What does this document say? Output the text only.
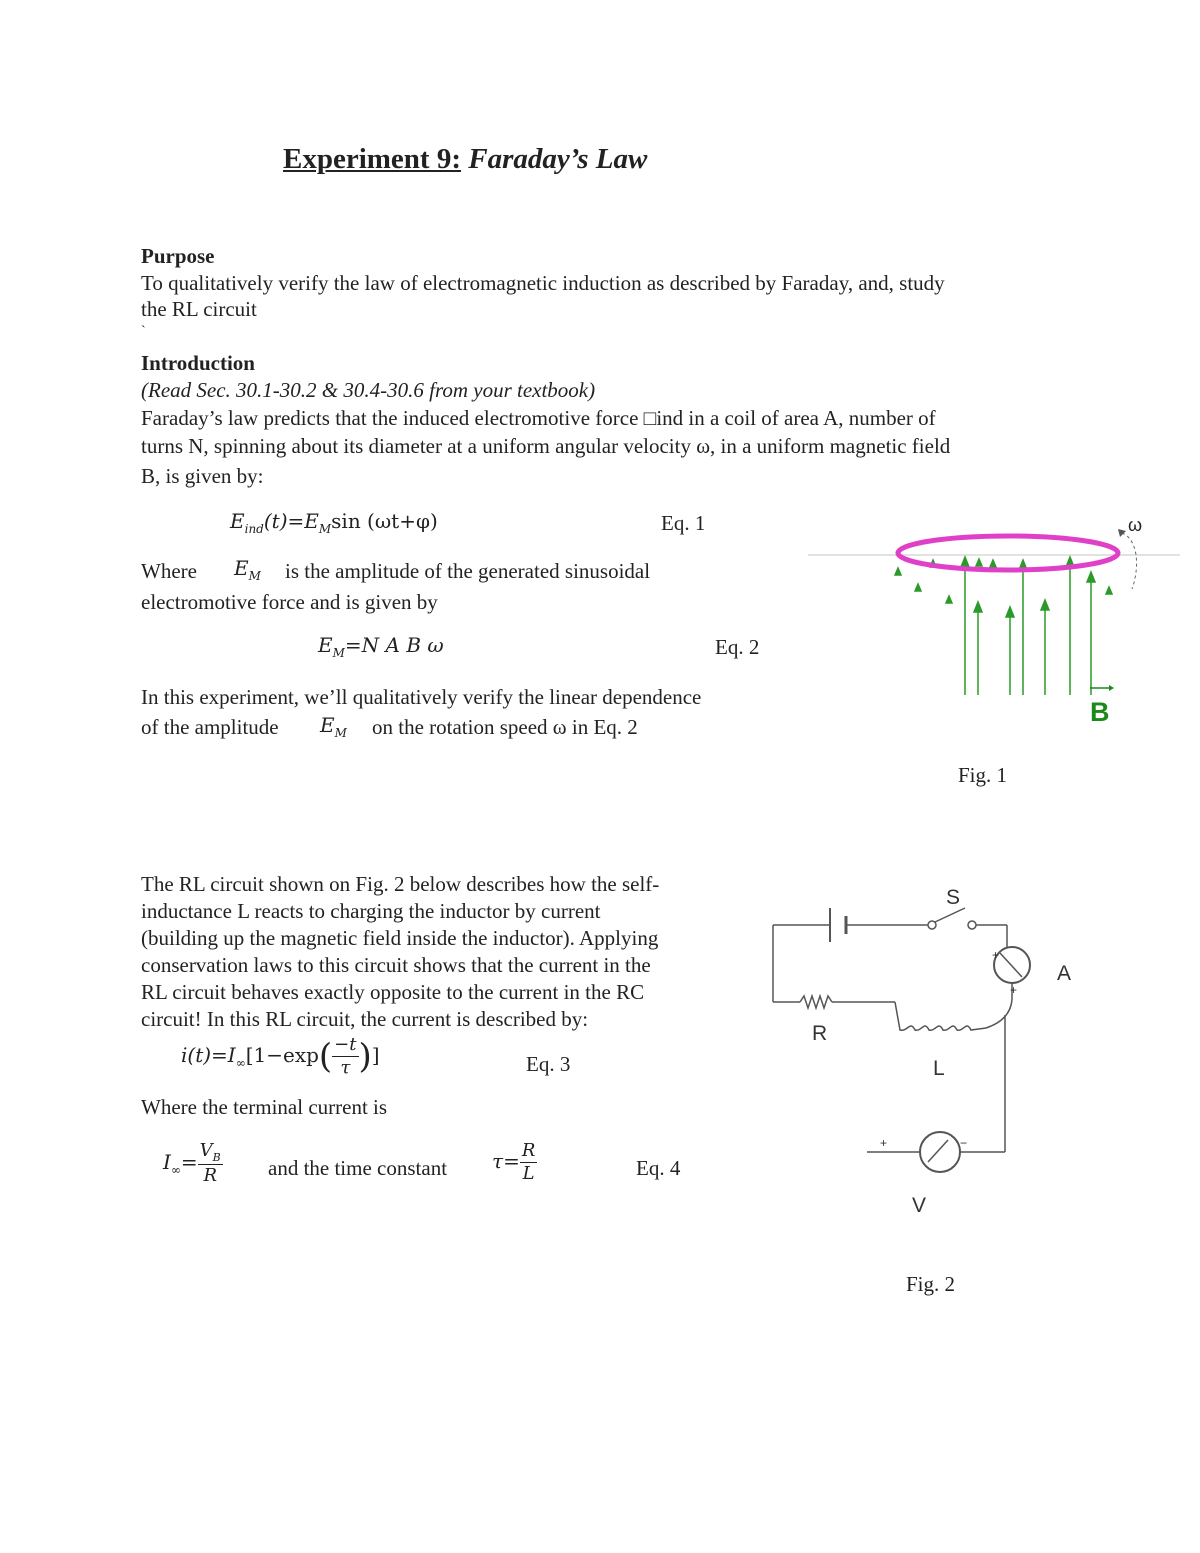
Experiment 9: Faraday’s Law
Purpose
To qualitatively verify the law of electromagnetic induction as described by Faraday, and, study
the RL circuit
`
Introduction
(Read Sec. 30.1-30.2 & 30.4-30.6 from your textbook)
Faraday’s law predicts that the induced electromotive force □ind in a coil of area A, number of
turns N, spinning about its diameter at a uniform angular velocity ω, in a uniform magnetic field
B, is given by:
$E_{ind}(t)=E_M\sin$ (ωt+φ)	Eq. 1
Where $E_M$ is the amplitude of the generated sinusoidal
electromotive force and is given by
$E_M=N$ A B ω	Eq. 2
In this experiment, we’ll qualitatively verify the linear dependence
of the amplitude $E_M$ on the rotation speed ω in Eq. 2
ω
B
Fig. 1
The RL circuit shown on Fig. 2 below describes how the self-
inductance L reacts to charging the inductor by current
(building up the magnetic field inside the inductor). Applying
conservation laws to this circuit shows that the current in the
RL circuit behaves exactly opposite to the current in the RC
circuit! In this RL circuit, the current is described by:
$i(t)=I_\infty[1-\exp( \frac{-t}{\tau}$ )]	Eq. 3
Where the terminal current is
$I_\infty= \frac{V_B}{R}$ and the time constant $\tau= \frac{R}{L}$	Eq. 4
S
A
+
+
R
L
+	−
V
Fig. 2
